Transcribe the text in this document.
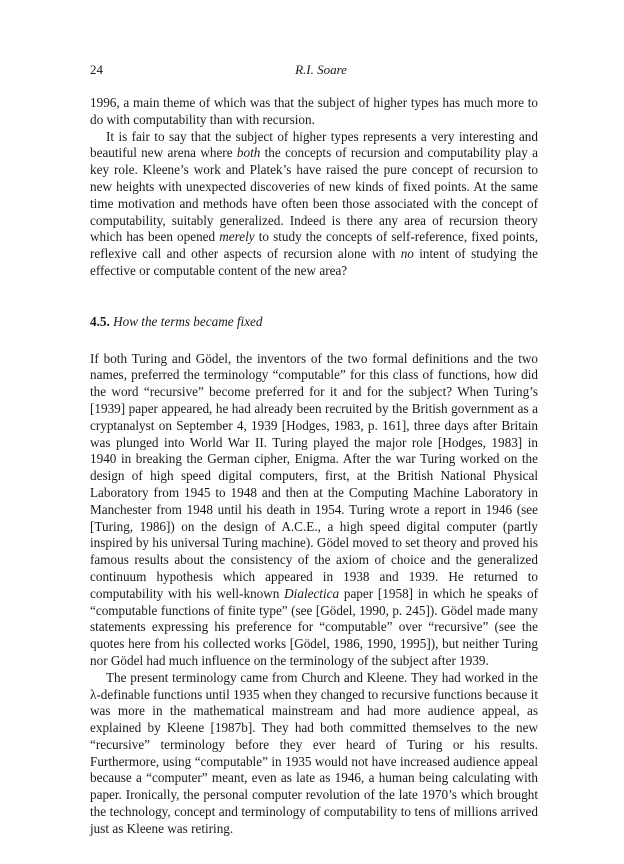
24	R.I. Soare

1996, a main theme of which was that the subject of higher types has much more to do with computability than with recursion.

It is fair to say that the subject of higher types represents a very interesting and beautiful new arena where both the concepts of recursion and computability play a key role. Kleene’s work and Platek’s have raised the pure concept of recursion to new heights with unexpected discoveries of new kinds of fixed points. At the same time motivation and methods have often been those associated with the concept of computability, suitably generalized. Indeed is there any area of recursion theory which has been opened merely to study the concepts of self-reference, fixed points, reflexive call and other aspects of recursion alone with no intent of studying the effective or computable content of the new area?

4.5. How the terms became fixed

If both Turing and Gödel, the inventors of the two formal definitions and the two names, preferred the terminology “computable” for this class of functions, how did the word “recursive” become preferred for it and for the subject? When Turing’s [1939] paper appeared, he had already been recruited by the British government as a cryptanalyst on September 4, 1939 [Hodges, 1983, p. 161], three days after Britain was plunged into World War II. Turing played the major role [Hodges, 1983] in 1940 in breaking the German cipher, Enigma. After the war Turing worked on the design of high speed digital computers, first, at the British National Physical Laboratory from 1945 to 1948 and then at the Computing Machine Laboratory in Manchester from 1948 until his death in 1954. Turing wrote a report in 1946 (see [Turing, 1986]) on the design of A.C.E., a high speed digital computer (partly inspired by his universal Turing machine). Gödel moved to set theory and proved his famous results about the consistency of the axiom of choice and the generalized continuum hypothesis which appeared in 1938 and 1939. He returned to computability with his well-known Dialectica paper [1958] in which he speaks of “computable functions of finite type” (see [Gödel, 1990, p. 245]). Gödel made many statements expressing his preference for “computable” over “recursive” (see the quotes here from his collected works [Gödel, 1986, 1990, 1995]), but neither Turing nor Gödel had much influence on the terminology of the subject after 1939.

The present terminology came from Church and Kleene. They had worked in the λ-definable functions until 1935 when they changed to recursive functions because it was more in the mathematical mainstream and had more audience appeal, as explained by Kleene [1987b]. They had both committed themselves to the new “recursive” terminology before they ever heard of Turing or his results. Furthermore, using “computable” in 1935 would not have increased audience appeal because a “computer” meant, even as late as 1946, a human being calculating with paper. Ironically, the personal computer revolution of the late 1970’s which brought the technology, concept and terminology of computability to tens of millions arrived just as Kleene was retiring.
